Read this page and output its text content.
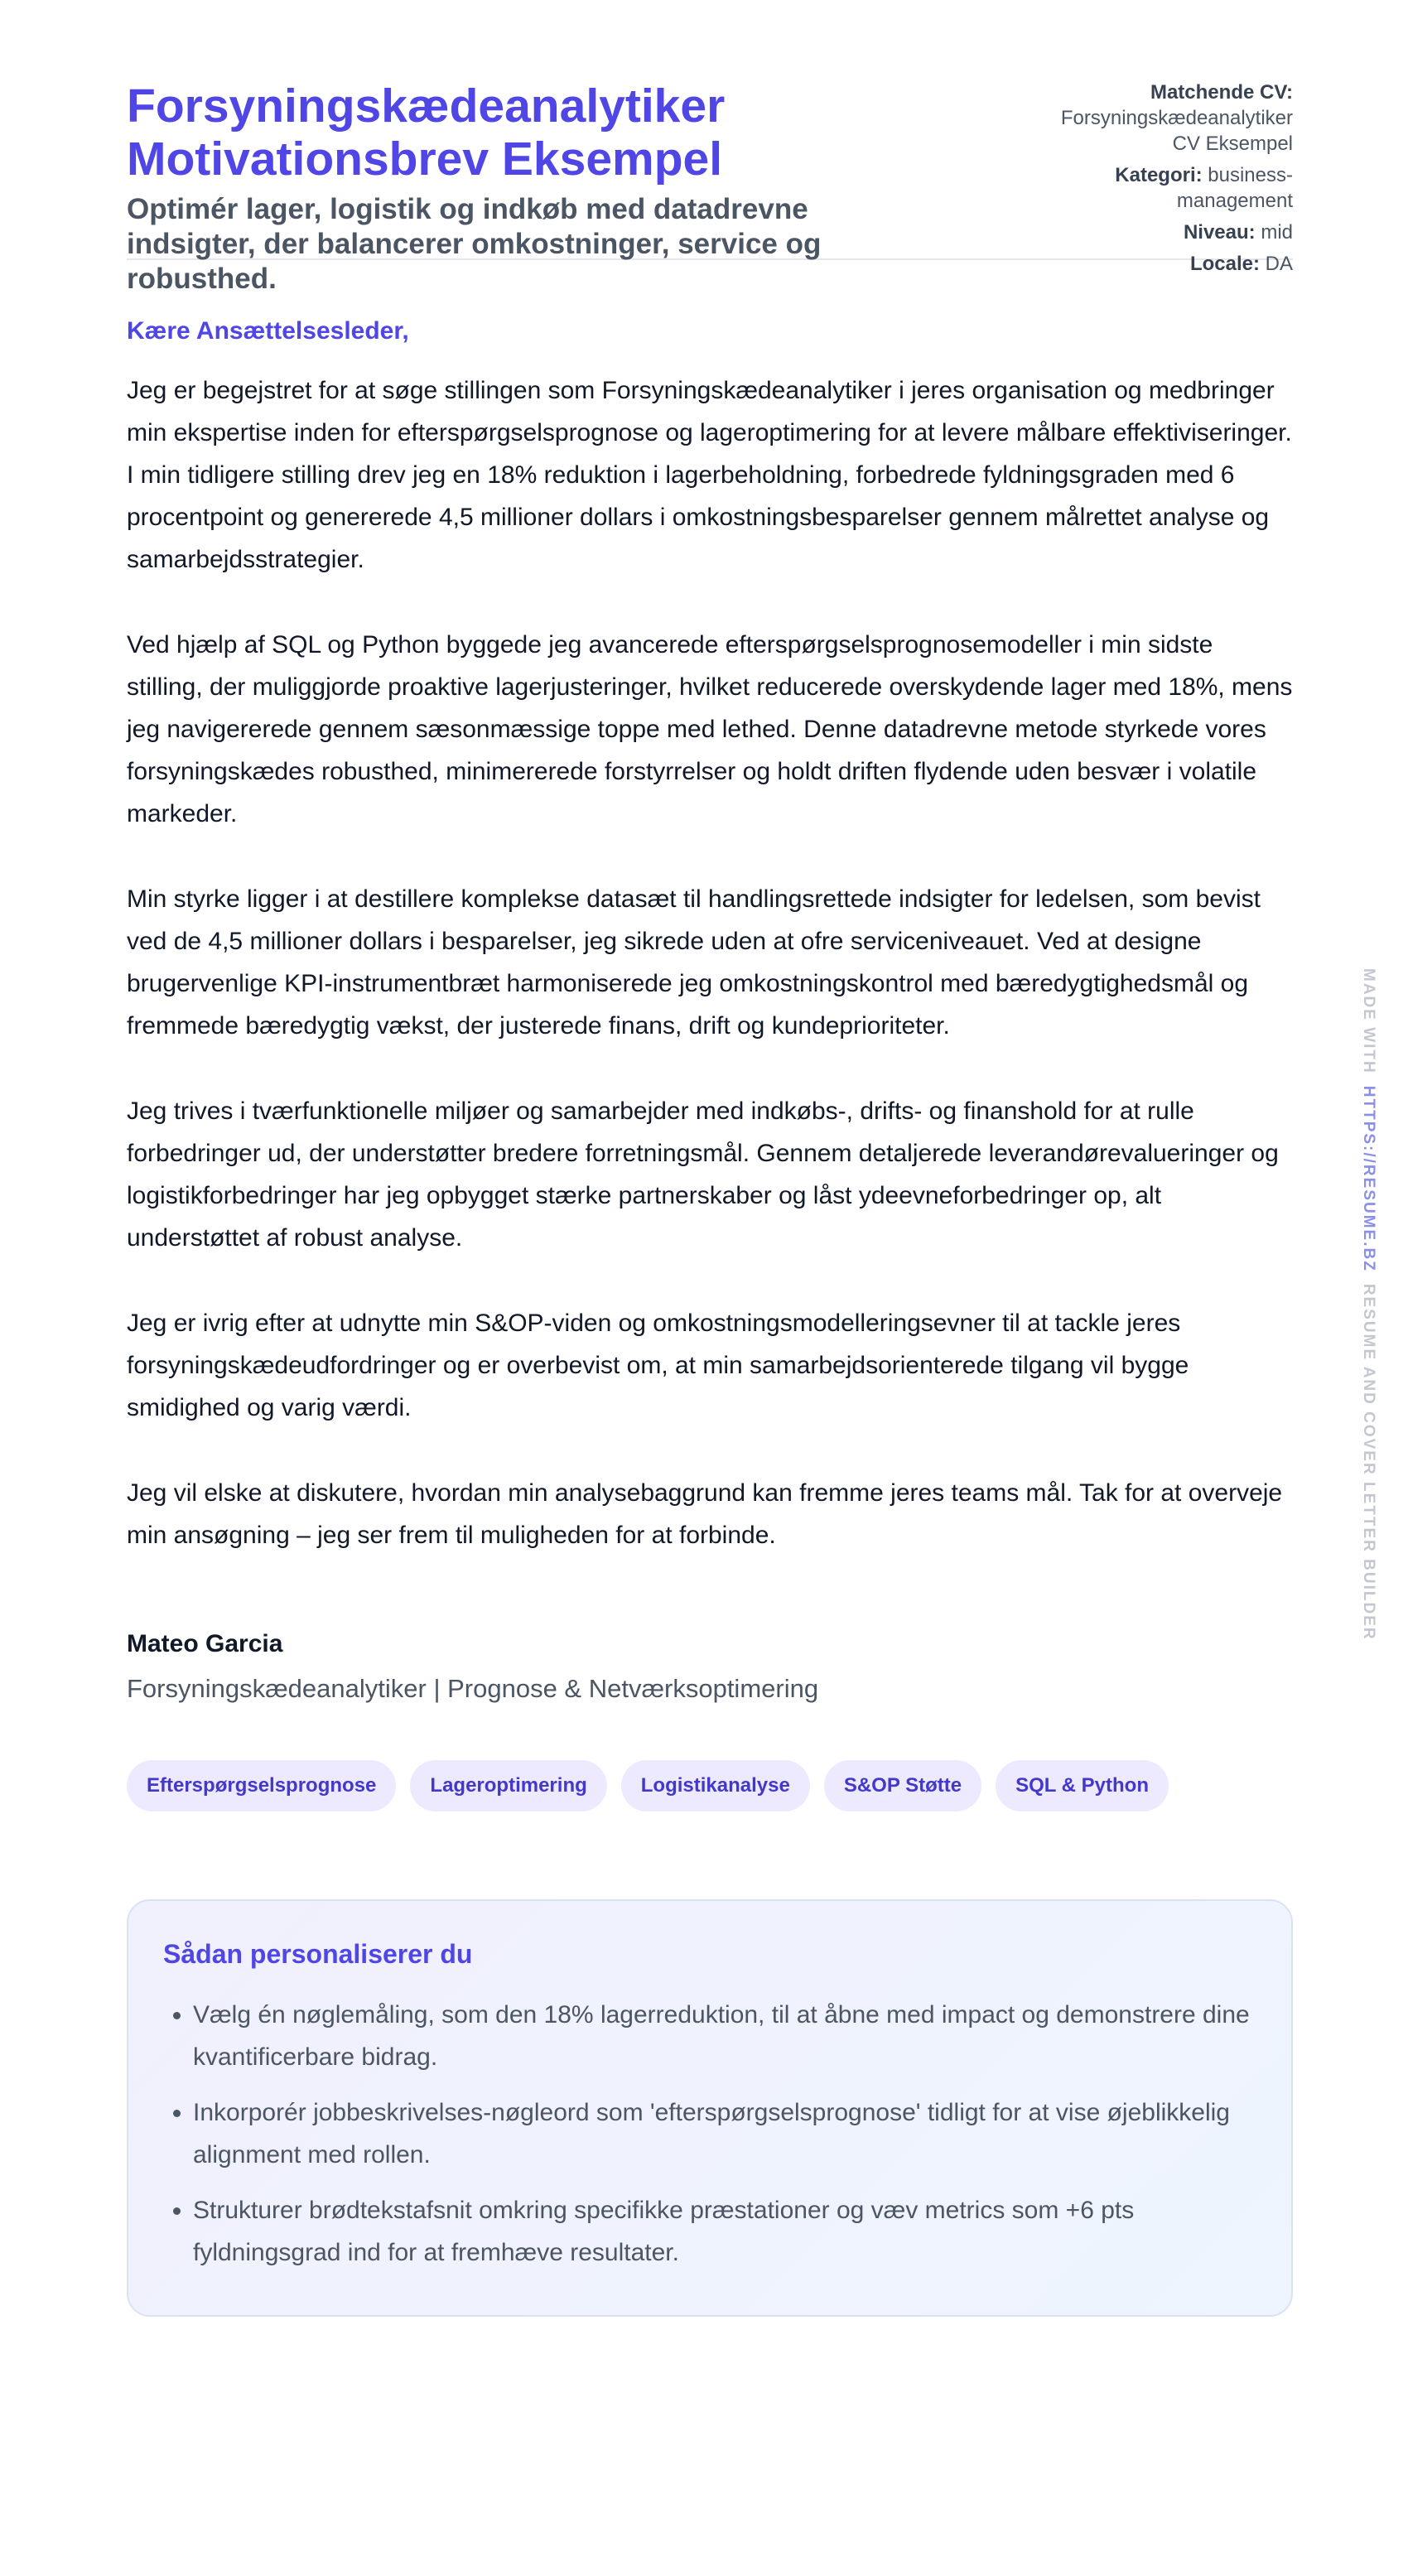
Forsyningskædeanalytiker
Motivationsbrev Eksempel

Optimér lager, logistik og indkøb med datadrevne indsigter, der balancerer omkostninger, service og robusthed.

Matchende CV:
Forsyningskædeanalytiker
CV Eksempel
Kategori: business-management
Niveau: mid
Locale: DA

Kære Ansættelsesleder,

Jeg er begejstret for at søge stillingen som Forsyningskædeanalytiker i jeres organisation og medbringer min ekspertise inden for efterspørgselsprognose og lageroptimering for at levere målbare effektiviseringer. I min tidligere stilling drev jeg en 18% reduktion i lagerbeholdning, forbedrede fyldningsgraden med 6 procentpoint og genererede 4,5 millioner dollars i omkostningsbesparelser gennem målrettet analyse og samarbejdsstrategier.

Ved hjælp af SQL og Python byggede jeg avancerede efterspørgselsprognosemodeller i min sidste stilling, der muliggjorde proaktive lagerjusteringer, hvilket reducerede overskydende lager med 18%, mens jeg navigererede gennem sæsonmæssige toppe med lethed. Denne datadrevne metode styrkede vores forsyningskædes robusthed, minimererede forstyrrelser og holdt driften flydende uden besvær i volatile markeder.

Min styrke ligger i at destillere komplekse datasæt til handlingsrettede indsigter for ledelsen, som bevist ved de 4,5 millioner dollars i besparelser, jeg sikrede uden at ofre serviceniveauet. Ved at designe brugervenlige KPI-instrumentbræt harmoniserede jeg omkostningskontrol med bæredygtighedsmål og fremmede bæredygtig vækst, der justerede finans, drift og kundeprioriteter.

Jeg trives i tværfunktionelle miljøer og samarbejder med indkøbs-, drifts- og finanshold for at rulle forbedringer ud, der understøtter bredere forretningsmål. Gennem detaljerede leverandørevalueringer og logistikforbedringer har jeg opbygget stærke partnerskaber og låst ydeevneforbedringer op, alt understøttet af robust analyse.

Jeg er ivrig efter at udnytte min S&OP-viden og omkostningsmodelleringsevner til at tackle jeres forsyningskædeudfordringer og er overbevist om, at min samarbejdsorienterede tilgang vil bygge smidighed og varig værdi.

Jeg vil elske at diskutere, hvordan min analysebaggrund kan fremme jeres teams mål. Tak for at overveje min ansøgning – jeg ser frem til muligheden for at forbinde.

Mateo Garcia
Forsyningskædeanalytiker | Prognose & Netværksoptimering
Efterspørgselsprognose	Lageroptimering	Logistikanalyse	S&OP Støtte	SQL & Python
Sådan personaliserer du
• Vælg én nøglemåling, som den 18% lagerreduktion, til at åbne med impact og demonstrere dine kvantificerbare bidrag.
• Inkorporér jobbeskrivelses-nøgleord som 'efterspørgselsprognose' tidligt for at vise øjeblikkelig alignment med rollen.
• Strukturer brødtekstafsnit omkring specifikke præstationer og væv metrics som +6 pts fyldningsgrad ind for at fremhæve resultater.
MADE WITHHTTPS://RESUME.BZRESUME AND COVER LETTER BUILDER
